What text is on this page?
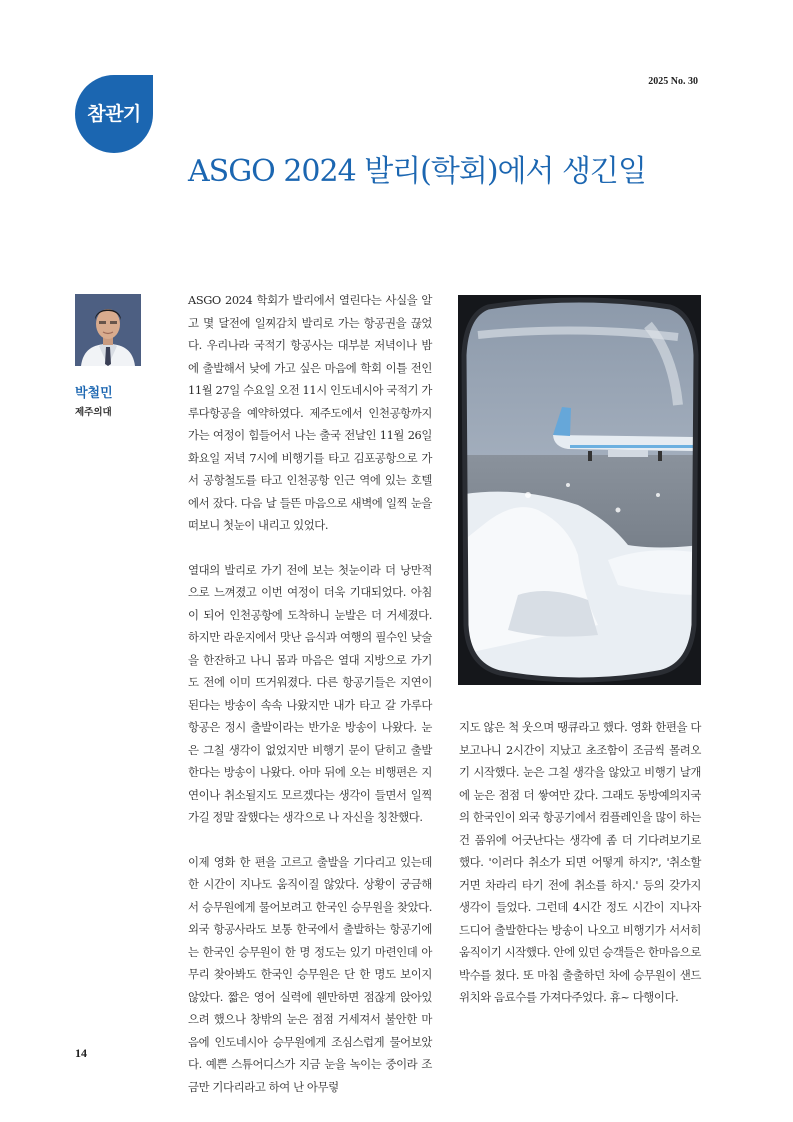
참관기
2025 No. 30
ASGO 2024 발리(학회)에서 생긴일
박철민
제주의대

ASGO 2024 학회가 발리에서 열린다는 사실을 알고 몇 달전에 일찌감치 발리로 가는 항공권을 끊었다. 우리나라 국적기 항공사는 대부분 저녁이나 밤에 출발해서 낮에 가고 싶은 마음에 학회 이틀 전인 11월 27일 수요일 오전 11시 인도네시아 국적기 가루다항공을 예약하였다. 제주도에서 인천공항까지 가는 여정이 힘들어서 나는 출국 전날인 11월 26일 화요일 저녁 7시에 비행기를 타고 김포공항으로 가서 공항철도를 타고 인천공항 인근 역에 있는 호텔에서 잤다. 다음 날 들뜬 마음으로 새벽에 일찍 눈을 떠보니 첫눈이 내리고 있었다.

열대의 발리로 가기 전에 보는 첫눈이라 더 낭만적으로 느껴졌고 이번 여정이 더욱 기대되었다. 아침이 되어 인천공항에 도착하니 눈발은 더 거세졌다. 하지만 라운지에서 맛난 음식과 여행의 필수인 낮술을 한잔하고 나니 몸과 마음은 열대 지방으로 가기도 전에 이미 뜨거워졌다. 다른 항공기들은 지연이 된다는 방송이 속속 나왔지만 내가 타고 갈 가루다항공은 정시 출발이라는 반가운 방송이 나왔다. 눈은 그칠 생각이 없었지만 비행기 문이 닫히고 출발한다는 방송이 나왔다. 아마 뒤에 오는 비행편은 지연이나 취소될지도 모르겠다는 생각이 들면서 일찍 가길 정말 잘했다는 생각으로 나 자신을 칭찬했다.

이제 영화 한 편을 고르고 출발을 기다리고 있는데 한 시간이 지나도 움직이질 않았다. 상황이 궁금해서 승무원에게 물어보려고 한국인 승무원을 찾았다. 외국 항공사라도 보통 한국에서 출발하는 항공기에는 한국인 승무원이 한 명 정도는 있기 마련인데 아무리 찾아봐도 한국인 승무원은 단 한 명도 보이지 않았다. 짧은 영어 실력에 웬만하면 점잖게 앉아있으려 했으나 창밖의 눈은 점점 거세져서 불안한 마음에 인도네시아 승무원에게 조심스럽게 물어보았다. 예쁜 스튜어디스가 지금 눈을 녹이는 중이라 조금만 기다리라고 하여 난 아무렇

지도 않은 척 웃으며 땡큐라고 했다. 영화 한편을 다 보고나니 2시간이 지났고 초조함이 조금씩 몰려오기 시작했다. 눈은 그칠 생각을 않았고 비행기 날개에 눈은 점점 더 쌓여만 갔다. 그래도 동방예의지국의 한국인이 외국 항공기에서 컴플레인을 많이 하는건 품위에 어긋난다는 생각에 좀 더 기다려보기로 했다. '이러다 취소가 되면 어떻게 하지?', '취소할 거면 차라리 타기 전에 취소를 하지.' 등의 갖가지 생각이 들었다. 그런데 4시간 정도 시간이 지나자 드디어 출발한다는 방송이 나오고 비행기가 서서히 움직이기 시작했다. 안에 있던 승객들은 한마음으로 박수를 쳤다. 또 마침 출출하던 차에 승무원이 샌드위치와 음료수를 가져다주었다. 휴~ 다행이다.

14
